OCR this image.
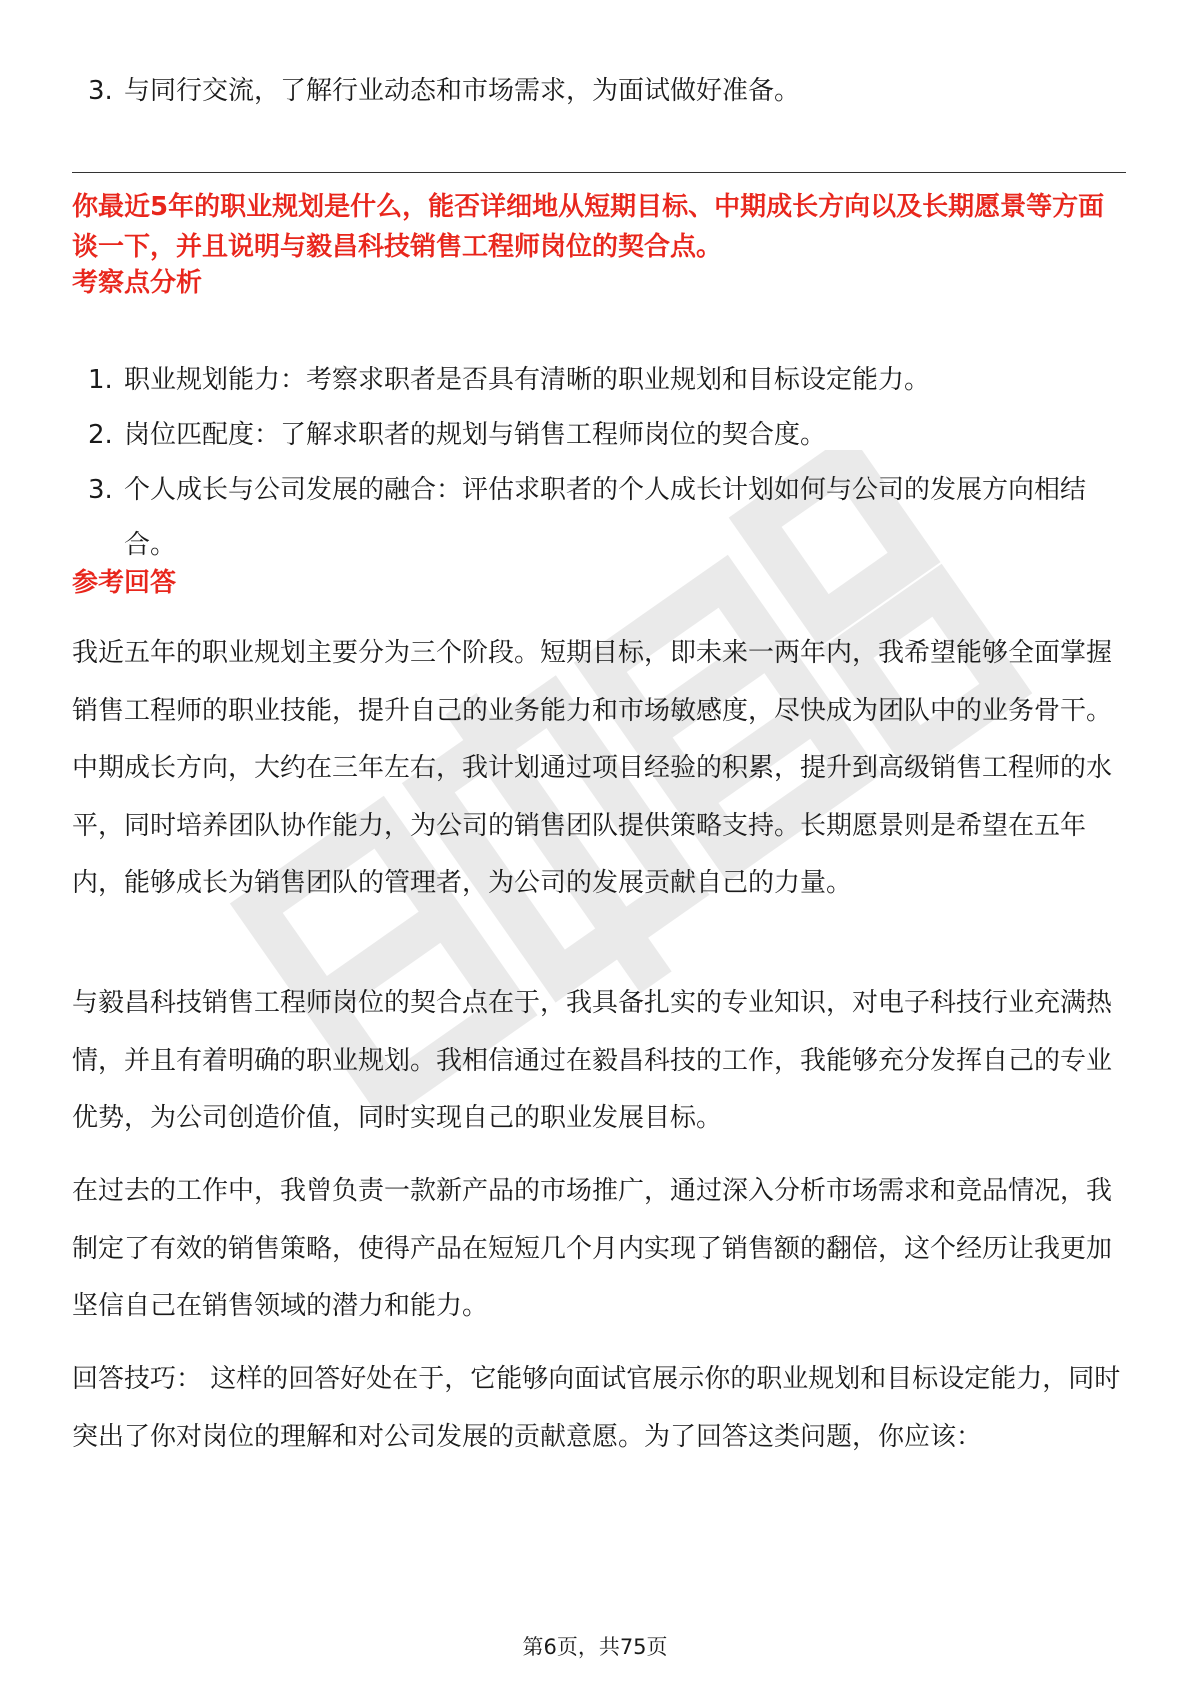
3. 与同行交流，了解行业动态和市场需求，为面试做好准备。

你最近5年的职业规划是什么，能否详细地从短期目标、中期成长方向以及长期愿景等方面谈一下，并且说明与毅昌科技销售工程师岗位的契合点。

考察点分析
1. 职业规划能力：考察求职者是否具有清晰的职业规划和目标设定能力。
2. 岗位匹配度：了解求职者的规划与销售工程师岗位的契合度。
3. 个人成长与公司发展的融合：评估求职者的个人成长计划如何与公司的发展方向相结合。
参考回答

我近五年的职业规划主要分为三个阶段。短期目标，即未来一两年内，我希望能够全面掌握销售工程师的职业技能，提升自己的业务能力和市场敏感度，尽快成为团队中的业务骨干。中期成长方向，大约在三年左右，我计划通过项目经验的积累，提升到高级销售工程师的水平，同时培养团队协作能力，为公司的销售团队提供策略支持。长期愿景则是希望在五年内，能够成长为销售团队的管理者，为公司的发展贡献自己的力量。

与毅昌科技销售工程师岗位的契合点在于，我具备扎实的专业知识，对电子科技行业充满热情，并且有着明确的职业规划。我相信通过在毅昌科技的工作，我能够充分发挥自己的专业优势，为公司创造价值，同时实现自己的职业发展目标。

在过去的工作中，我曾负责一款新产品的市场推广，通过深入分析市场需求和竞品情况，我制定了有效的销售策略，使得产品在短短几个月内实现了销售额的翻倍，这个经历让我更加坚信自己在销售领域的潜力和能力。

回答技巧： 这样的回答好处在于，它能够向面试官展示你的职业规划和目标设定能力，同时突出了你对岗位的理解和对公司发展的贡献意愿。为了回答这类问题，你应该：

第6页，共75页
